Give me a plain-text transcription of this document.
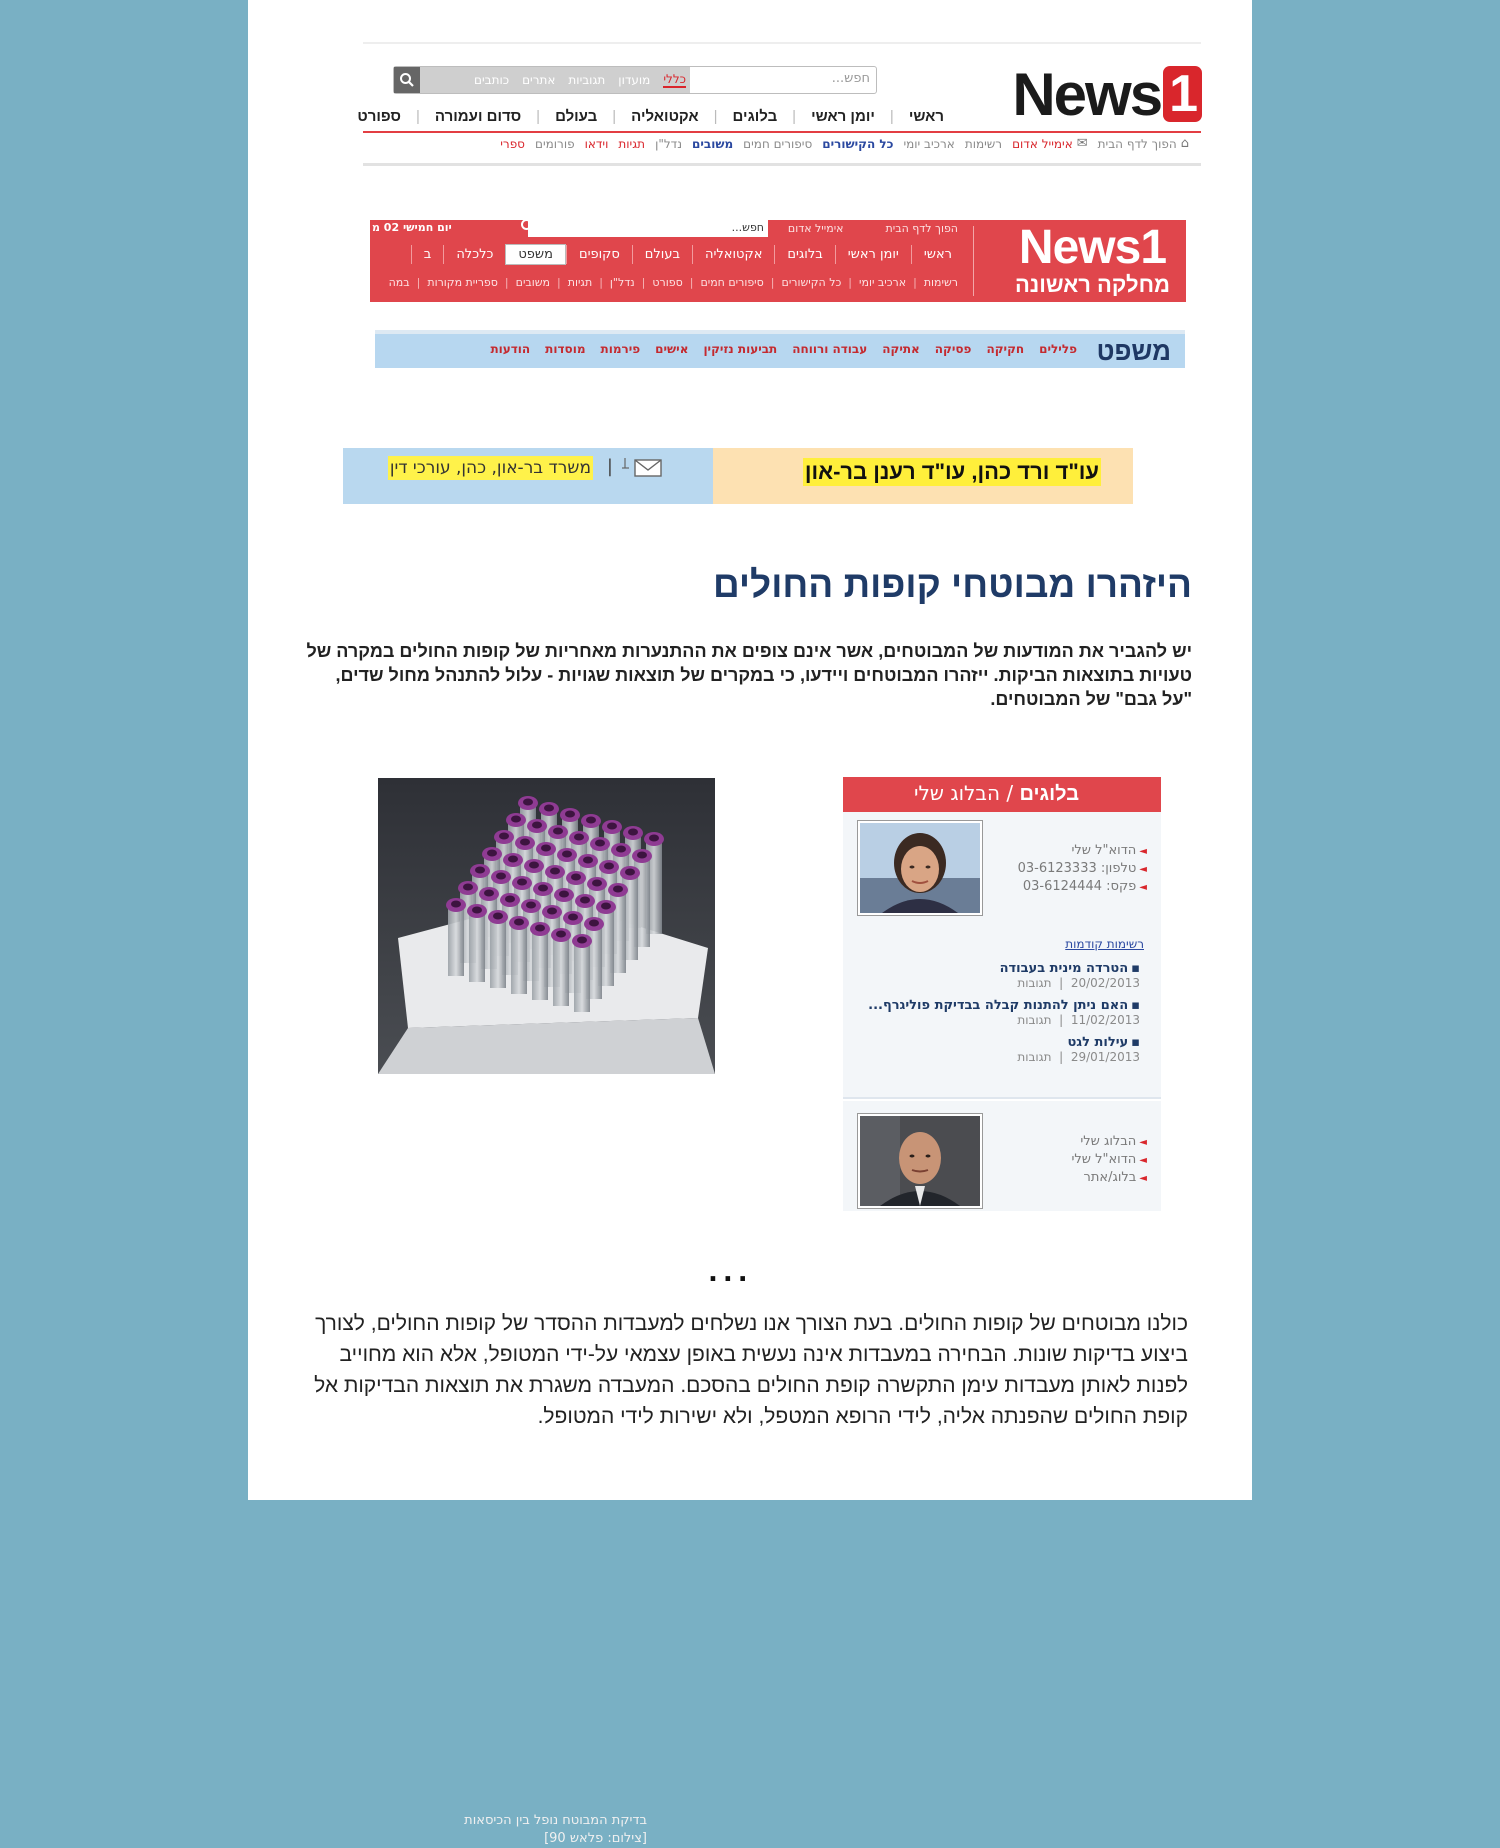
News 1
חפש...
כללי
מועדון
תגוביות
אתרים
כותבים
ראשי
|
יומן ראשי
|
בלוגים
|
אקטואליה
|
בעולם
|
סדום ועמורה
|
ספורט
⌂
הפוך לדף הבית
✉
אימייל אדום
רשימות
ארכיב יומי
כל הקישורים
סיפורים חמים
משובים
נדל"ן
תגיות
וידאו
פורומים
ספרי
News1
מחלקה ראשונה
הפוך לדף הבית
אימייל אדום
חפש...
יום חמישי 02 מ
ראשי
יומן ראשי
בלוגים
אקטואליה
בעולם
סקופים
משפט
כלכלה
ב
רשימות
|
ארכיב יומי
|
כל הקישורים
|
סיפורים חמים
|
ספורט
|
נדל"ן
|
תגיות
|
משובים
|
ספריית מקורות
|
במה
משפט
פלילים
חקיקה
פסיקה
אתיקה
עבודה ורווחה
תביעות נזיקין
אישים
פירמות
מוסדות
הודעות
עו"ד ורד כהן, עו"ד רענן בר-און
משרד בר-און, כהן, עורכי דין |
היזהרו מבוטחי קופות החולים
יש להגביר את המודעות של המבוטחים, אשר אינם צופים את ההתנערות מאחריות של קופות החולים במקרה של טעויות בתוצאות הביקות. ייזהרו המבוטחים ויידעו, כי במקרים של תוצאות שגויות - עלול להתנהל מחול שדים, "על גבם" של המבוטחים.
בדיקת המבוטח נופל בין הכיסאות
[צילום: פלאש 90]
בלוגים / הבלוג שלי
◄הדוא"ל שלי
◄טלפון: 03-6123333
◄פקס: 03-6124444
רשימות קודמות
▪הטרדה מינית בעבודה
20/02/2013  |  תגובות
▪האם ניתן להתנות קבלה בבדיקת פוליגרף...
11/02/2013  |  תגובות
▪עילות לגט
29/01/2013  |  תגובות
◄הבלוג שלי
◄הדוא"ל שלי
◄בלוג/אתר
...
כולנו מבוטחים של קופות החולים. בעת הצורך אנו נשלחים למעבדות ההסדר של קופות החולים, לצורך ביצוע בדיקות שונות. הבחירה במעבדות אינה נעשית באופן עצמאי על-ידי המטופל, אלא הוא מחוייב לפנות לאותן מעבדות עימן התקשרה קופת החולים בהסכם. המעבדה משגרת את תוצאות הבדיקות אל קופת החולים שהפנתה אליה, לידי הרופא המטפל, ולא ישירות לידי המטופל.
